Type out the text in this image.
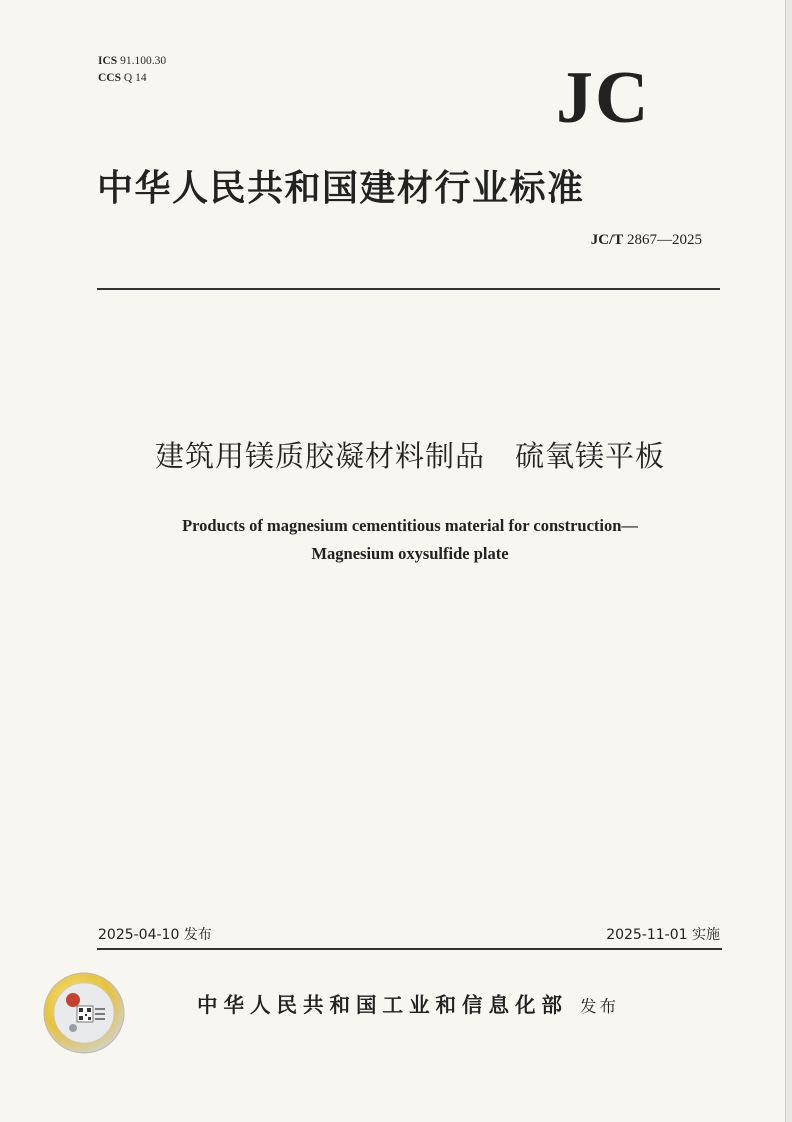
ICS 91.100.30
CCS Q 14	JC
中华人民共和国建材行业标准
JC/T 2867—2025
建筑用镁质胶凝材料制品　硫氧镁平板
Products of magnesium cementitious material for construction—
Magnesium oxysulfide plate
2025-04-10 发布	2025-11-01 实施
中华人民共和国工业和信息化部 发布
